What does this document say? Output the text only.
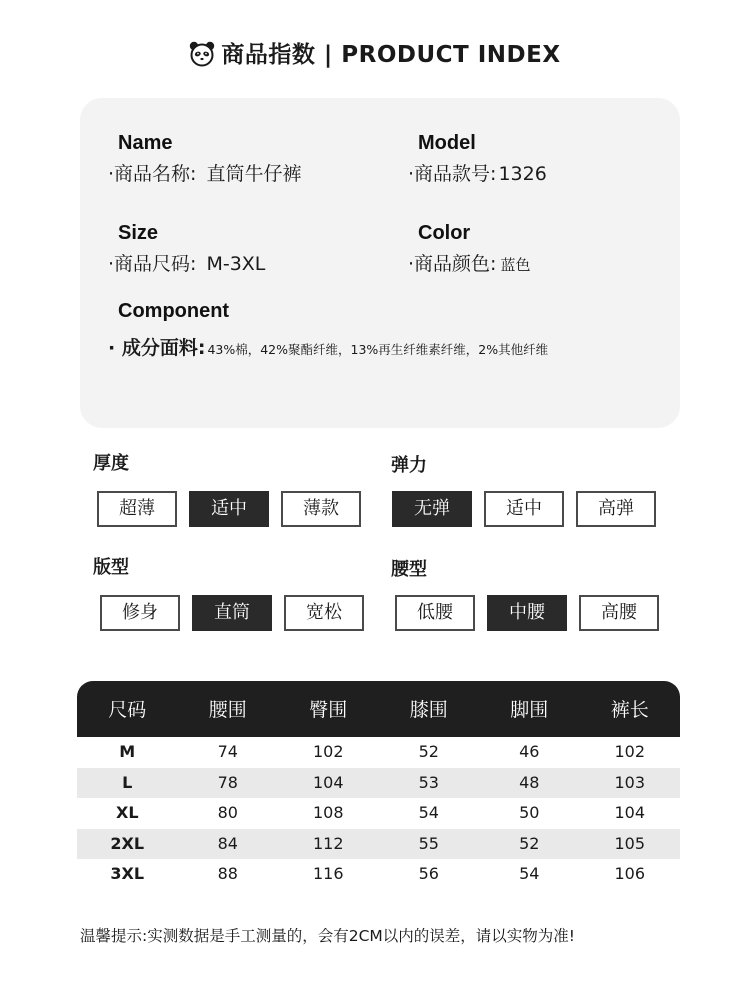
商品指数 | PRODUCT INDEX
Name
·商品名称: 直筒牛仔裤
Model
·商品款号: 1326
Size
·商品尺码: M-3XL
Color
·商品颜色: 蓝色
Component
· 成分面料: 43%棉，42%聚酯纤维，13%再生纤维素纤维，2%其他纤维
厚度
超薄	适中	薄款
弹力
无弹	适中	高弹
版型
修身	直筒	宽松
腰型
低腰	中腰	高腰
尺码	腰围	臀围	膝围	脚围	裤长
M	74	102	52	46	102
L	78	104	53	48	103
XL	80	108	54	50	104
2XL	84	112	55	52	105
3XL	88	116	56	54	106
温馨提示:实测数据是手工测量的，会有2CM以内的误差，请以实物为准!
